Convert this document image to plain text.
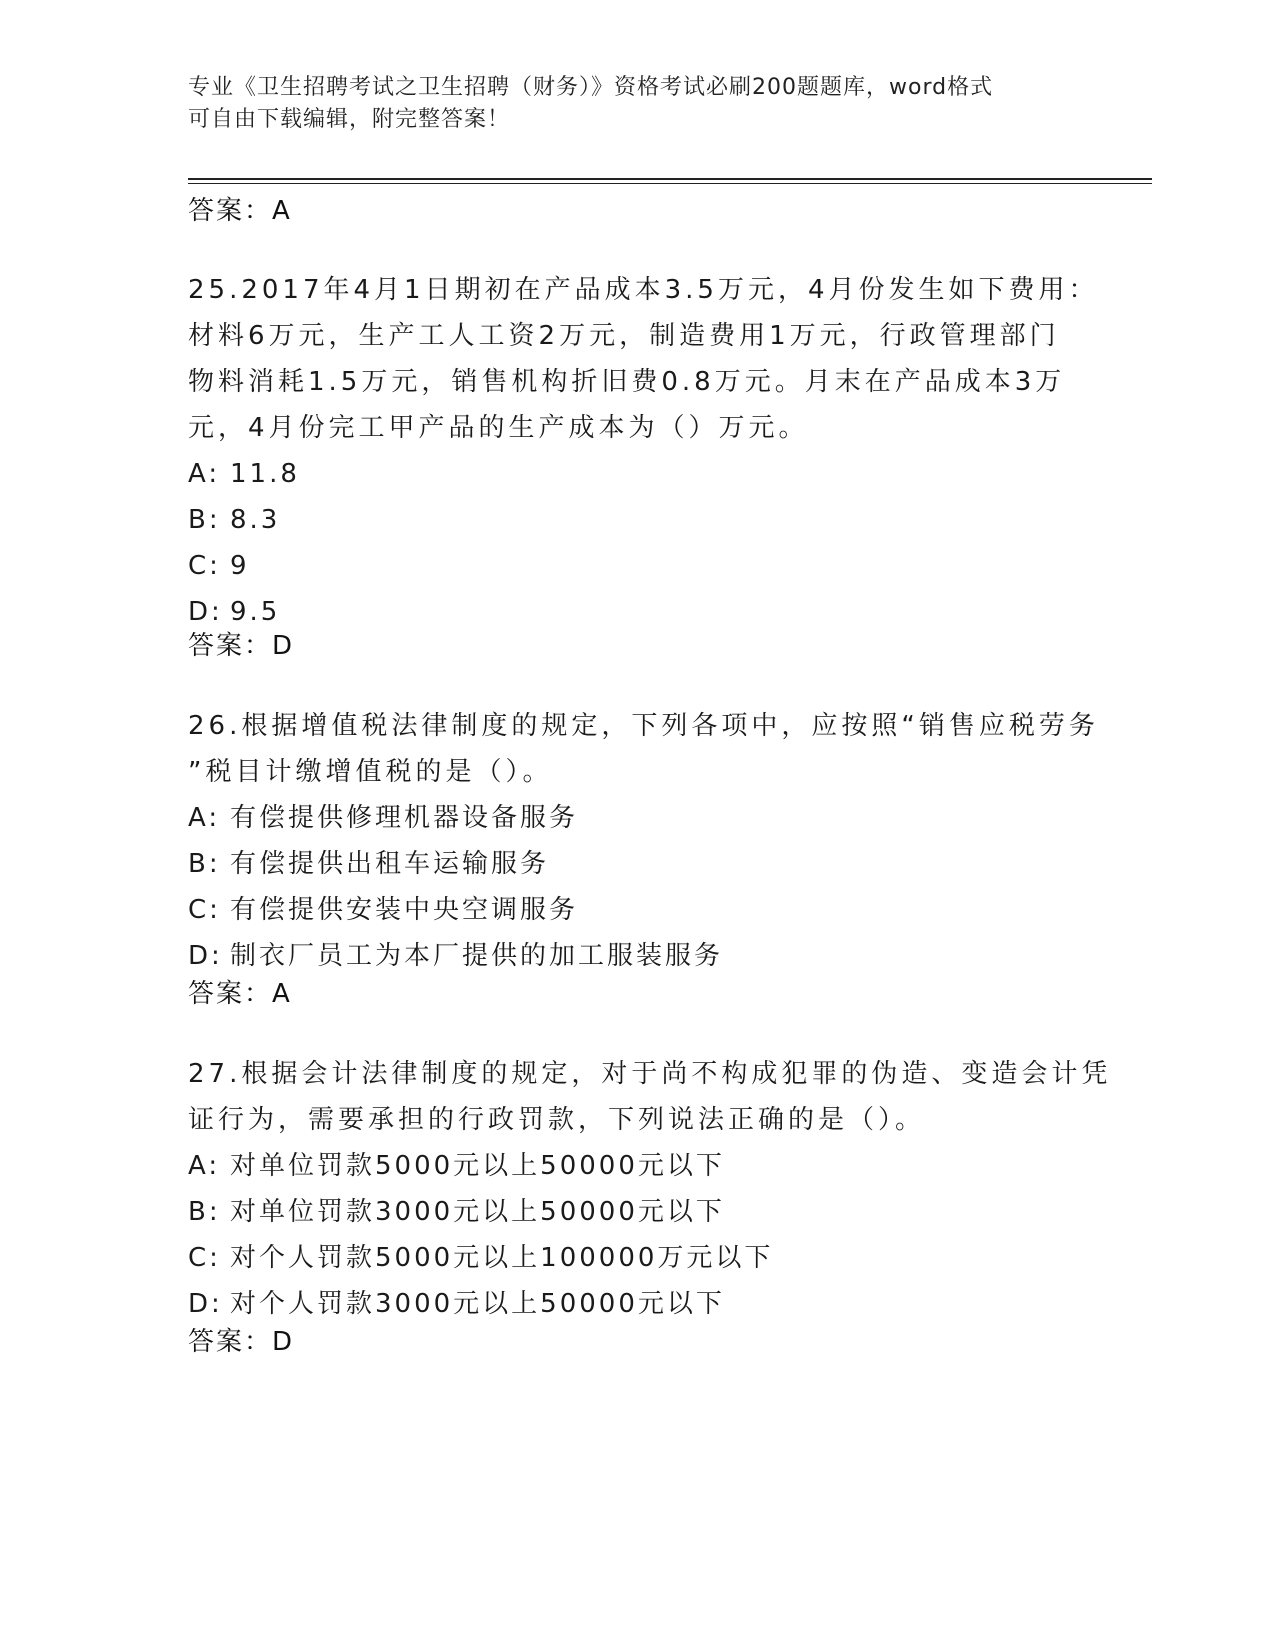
专业《卫生招聘考试之卫生招聘（财务）》资格考试必刷200题题库，word格式
可自由下载编辑，附完整答案！
答案：A
25.2017年4月1日期初在产品成本3.5万元，4月份发生如下费用：
材料6万元，生产工人工资2万元，制造费用1万元，行政管理部门
物料消耗1.5万元，销售机构折旧费0.8万元。月末在产品成本3万
元，4月份完工甲产品的生产成本为（）万元。
A: 11.8
B: 8.3
C: 9
D: 9.5
答案：D
26.根据增值税法律制度的规定，下列各项中，应按照“销售应税劳务
”税目计缴增值税的是（）。
A: 有偿提供修理机器设备服务
B: 有偿提供出租车运输服务
C: 有偿提供安装中央空调服务
D: 制衣厂员工为本厂提供的加工服装服务
答案：A
27.根据会计法律制度的规定，对于尚不构成犯罪的伪造、变造会计凭
证行为，需要承担的行政罚款，下列说法正确的是（）。
A: 对单位罚款5000元以上50000元以下
B: 对单位罚款3000元以上50000元以下
C: 对个人罚款5000元以上100000万元以下
D: 对个人罚款3000元以上50000元以下
答案：D
